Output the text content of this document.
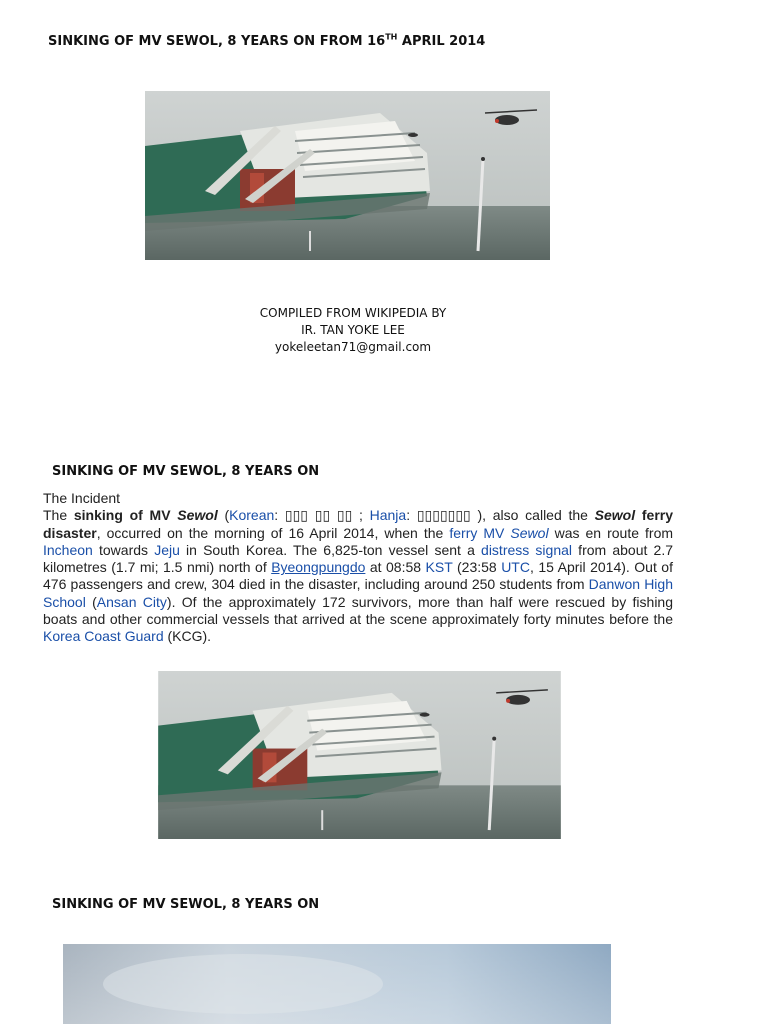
SINKING OF MV SEWOL, 8 YEARS ON FROM 16TH APRIL 2014
COMPILED FROM WIKIPEDIA BY
IR. TAN YOKE LEE
yokeleetan71@gmail.com
SINKING OF MV SEWOL, 8 YEARS ON
The Incident

The sinking of MV Sewol (Korean: ▯▯▯ ▯▯ ▯▯ ; Hanja: ▯▯▯▯▯▯▯ ), also called the Sewol ferry disaster, occurred on the morning of 16 April 2014, when the ferry MV Sewol was en route from Incheon towards Jeju in South Korea. The 6,825-ton vessel sent a distress signal from about 2.7 kilometres (1.7 mi; 1.5 nmi) north of Byeongpungdo at 08:58 KST (23:58 UTC, 15 April 2014). Out of 476 passengers and crew, 304 died in the disaster, including around 250 students from Danwon High School (Ansan City). Of the approximately 172 survivors, more than half were rescued by fishing boats and other commercial vessels that arrived at the scene approximately forty minutes before the Korea Coast Guard (KCG).

SINKING OF MV SEWOL, 8 YEARS ON
